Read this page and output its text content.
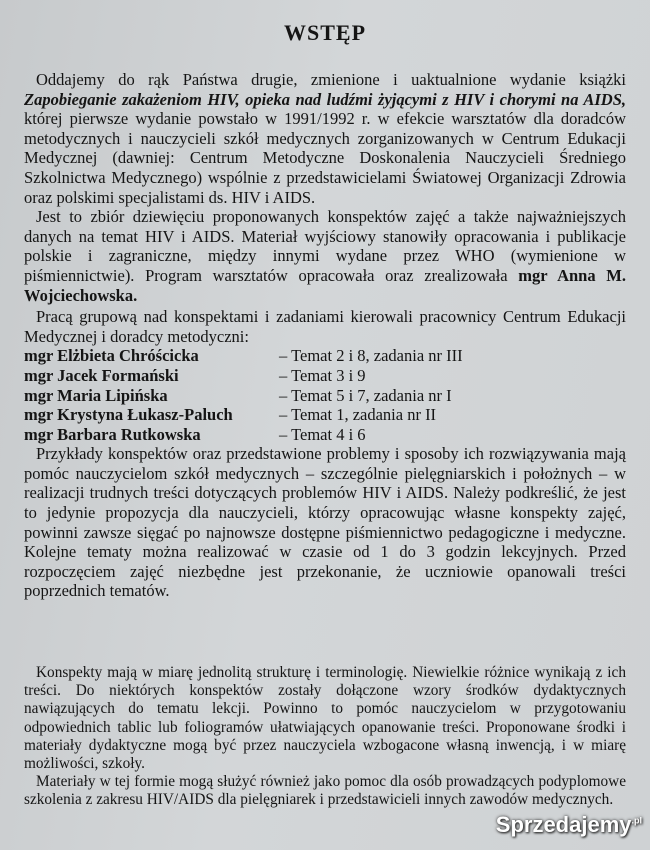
WSTĘP

Oddajemy do rąk Państwa drugie, zmienione i uaktualnione wydanie książki Zapobieganie zakażeniom HIV, opieka nad ludźmi żyjącymi z HIV i chorymi na AIDS, której pierwsze wydanie powstało w 1991/1992 r. w efekcie warsztatów dla doradców metodycznych i nauczycieli szkół medycznych zorganizowanych w Centrum Edukacji Medycznej (dawniej: Centrum Metodyczne Doskonalenia Nauczycieli Średniego Szkolnictwa Medycznego) wspólnie z przedstawicielami Światowej Organizacji Zdrowia oraz polskimi specjalistami ds. HIV i AIDS.

Jest to zbiór dziewięciu proponowanych konspektów zajęć a także najważniejszych danych na temat HIV i AIDS. Materiał wyjściowy stanowiły opracowania i publikacje polskie i zagraniczne, między innymi wydane przez WHO (wymienione w piśmiennictwie). Program warsztatów opracowała oraz zrealizowała mgr Anna M. Wojciechowska.

Pracą grupową nad konspektami i zadaniami kierowali pracownicy Centrum Edukacji Medycznej i doradcy metodyczni:

mgr Elżbieta Chróścicka	– Temat 2 i 8, zadania nr III
mgr Jacek Formański	– Temat 3 i 9
mgr Maria Lipińska	– Temat 5 i 7, zadania nr I
mgr Krystyna Łukasz-Paluch	– Temat 1, zadania nr II
mgr Barbara Rutkowska	– Temat 4 i 6

Przykłady konspektów oraz przedstawione problemy i sposoby ich rozwiązywania mają pomóc nauczycielom szkół medycznych – szczególnie pielęgniarskich i położnych – w realizacji trudnych treści dotyczących problemów HIV i AIDS. Należy podkreślić, że jest to jedynie propozycja dla nauczycieli, którzy opracowując własne konspekty zajęć, powinni zawsze sięgać po najnowsze dostępne piśmiennictwo pedagogiczne i medyczne. Kolejne tematy można realizować w czasie od 1 do 3 godzin lekcyjnych. Przed rozpoczęciem zajęć niezbędne jest przekonanie, że uczniowie opanowali treści poprzednich tematów.

Konspekty mają w miarę jednolitą strukturę i terminologię. Niewielkie różnice wynikają z ich treści. Do niektórych konspektów zostały dołączone wzory środków dydaktycznych nawiązujących do tematu lekcji. Powinno to pomóc nauczycielom w przygotowaniu odpowiednich tablic lub foliogramów ułatwiających opanowanie treści. Proponowane środki i materiały dydaktyczne mogą być przez nauczyciela wzbogacone własną inwencją, i w miarę możliwości, szkoły.

Materiały w tej formie mogą służyć również jako pomoc dla osób prowadzących podyplomowe szkolenia z zakresu HIV/AIDS dla pielęgniarek i przedstawicieli innych zawodów medycznych.

Sprzedajemy$^{.pl}$
